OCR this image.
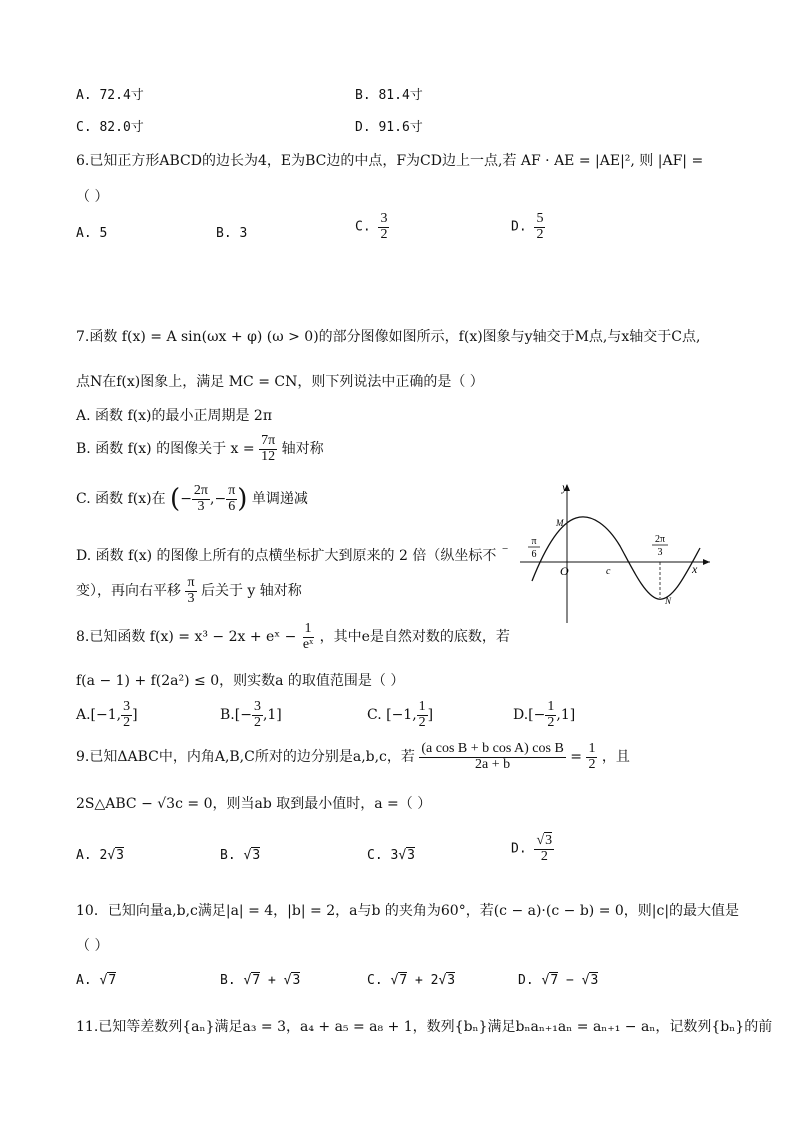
A. 72.4寸	B. 81.4寸
C. 82.0寸	D. 91.6寸
6.已知正方形ABCD的边长为4，E为BC边的中点，F为CD边上一点,若 AF · AE = |AE|², 则 |AF| =
（ ）
A. 5	B. 3	C. $\frac{3}{2}$	D. $\frac{5}{2}$
7.函数 f(x) = A sin(ωx + φ) (ω > 0)的部分图像如图所示，f(x)图象与y轴交于M点,与x轴交于C点,
点N在f(x)图象上，满足 MC = CN，则下列说法中正确的是（ ）
A. 函数 f(x)的最小正周期是 2π
B. 函数 f(x) 的图像关于 $x = \frac{7\pi}{12}$ 轴对称
C. 函数 f(x)在 (− $\frac{2\pi}{3}$ ,− $\frac{\pi}{6}$ ) 单调递减
D. 函数 f(x) 的图像上所有的点横坐标扩大到原来的 2 倍（纵坐标不
变），再向右平移 $\frac{\pi}{3}$ 后关于 y 轴对称
y
x
O
M
N
c
−
π
6
2π
3
8.已知函数 f(x) = x³ − 2x + eˣ − $\frac{1}{\text{eˣ}}$ ，其中e是自然对数的底数，若
f(a − 1) + f(2a²) ≤ 0，则实数a 的取值范围是（ ）
A.[−1, $\frac{3}{2}$ ]	$B.[- \frac{3}{2} ,1]$	C. [−1, $\frac{1}{2}$ ]	$D.[- \frac{1}{2} ,1]$
9.已知ΔABC中，内角A,B,C所对的边分别是a,b,c，若 $\frac{\text{(a cos B + b cos A) cos B}}{2a + b} = \frac{1}{2}$ ，且
2S△ABC − √3c = 0，则当ab 取到最小值时，a =（ ）
A. 2√3	B. √3	C. 3√3	D. $\frac{√3}{2}$
10．已知向量a,b,c满足|a| = 4，|b| = 2，a与b 的夹角为60°，若(c − a)·(c − b) = 0，则|c|的最大值是
（ ）
A. √7	B. √7 + √3	C. √7 + 2√3	D. √7 − √3
11.已知等差数列{aₙ}满足a₃ = 3，a₄ + a₅ = a₈ + 1，数列{bₙ}满足bₙaₙ₊₁aₙ = aₙ₊₁ − aₙ，记数列{bₙ}的前
